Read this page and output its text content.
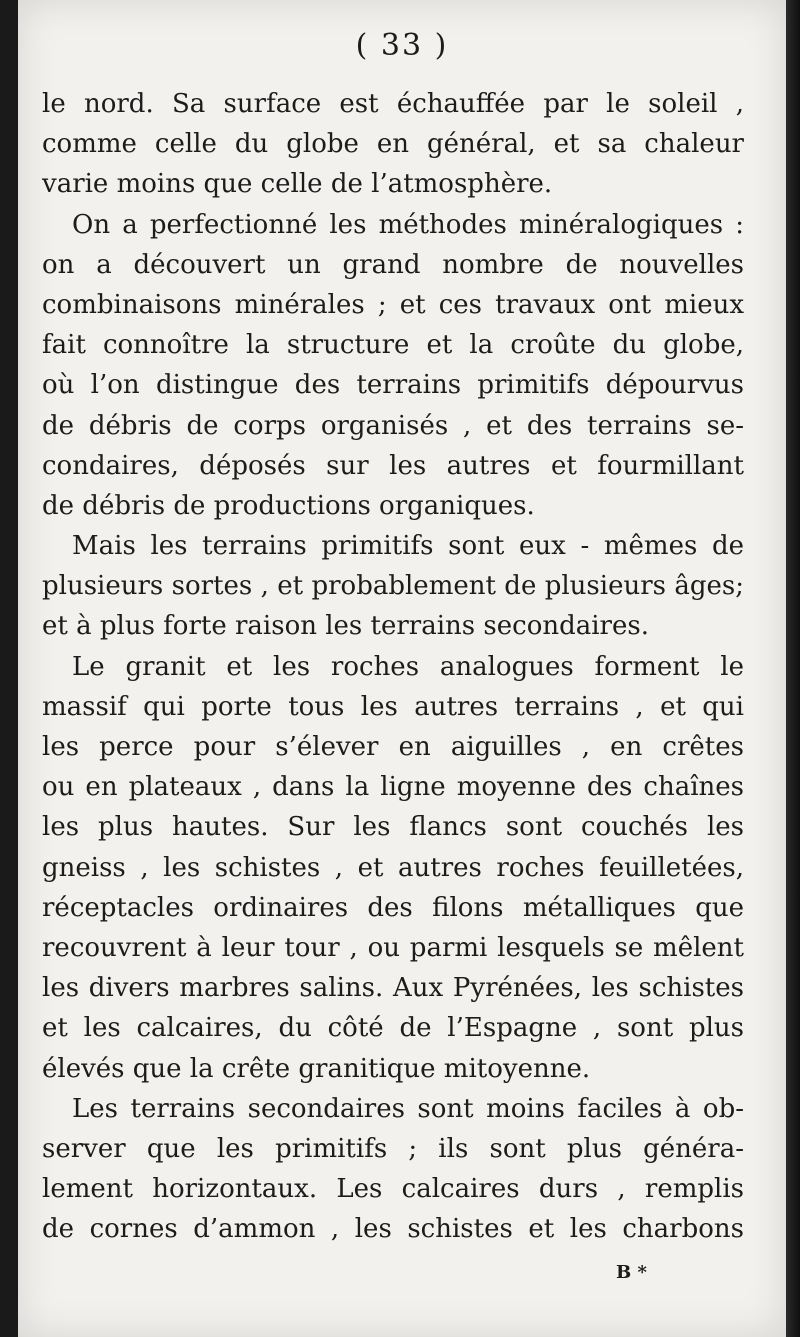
( 33 )
le nord. Sa surface est échauffée par le soleil ,
comme celle du globe en général, et sa chaleur
varie moins que celle de l’atmosphère.
On a perfectionné les méthodes minéralogiques :
on a découvert un grand nombre de nouvelles
combinaisons minérales ; et ces travaux ont mieux
fait connoître la structure et la croûte du globe,
où l’on distingue des terrains primitifs dépourvus
de débris de corps organisés , et des terrains se-
condaires, déposés sur les autres et fourmillant
de débris de productions organiques.
Mais les terrains primitifs sont eux - mêmes de
plusieurs sortes , et probablement de plusieurs âges;
et à plus forte raison les terrains secondaires.
Le granit et les roches analogues forment le
massif qui porte tous les autres terrains , et qui
les perce pour s’élever en aiguilles , en crêtes
ou en plateaux , dans la ligne moyenne des chaînes
les plus hautes. Sur les flancs sont couchés les
gneiss , les schistes , et autres roches feuilletées,
réceptacles ordinaires des filons métalliques que
recouvrent à leur tour , ou parmi lesquels se mêlent
les divers marbres salins. Aux Pyrénées, les schistes
et les calcaires, du côté de l’Espagne , sont plus
élevés que la crête granitique mitoyenne.
Les terrains secondaires sont moins faciles à ob-
server que les primitifs ; ils sont plus généra-
lement horizontaux. Les calcaires durs , remplis
de cornes d’ammon , les schistes et les charbons
B *
